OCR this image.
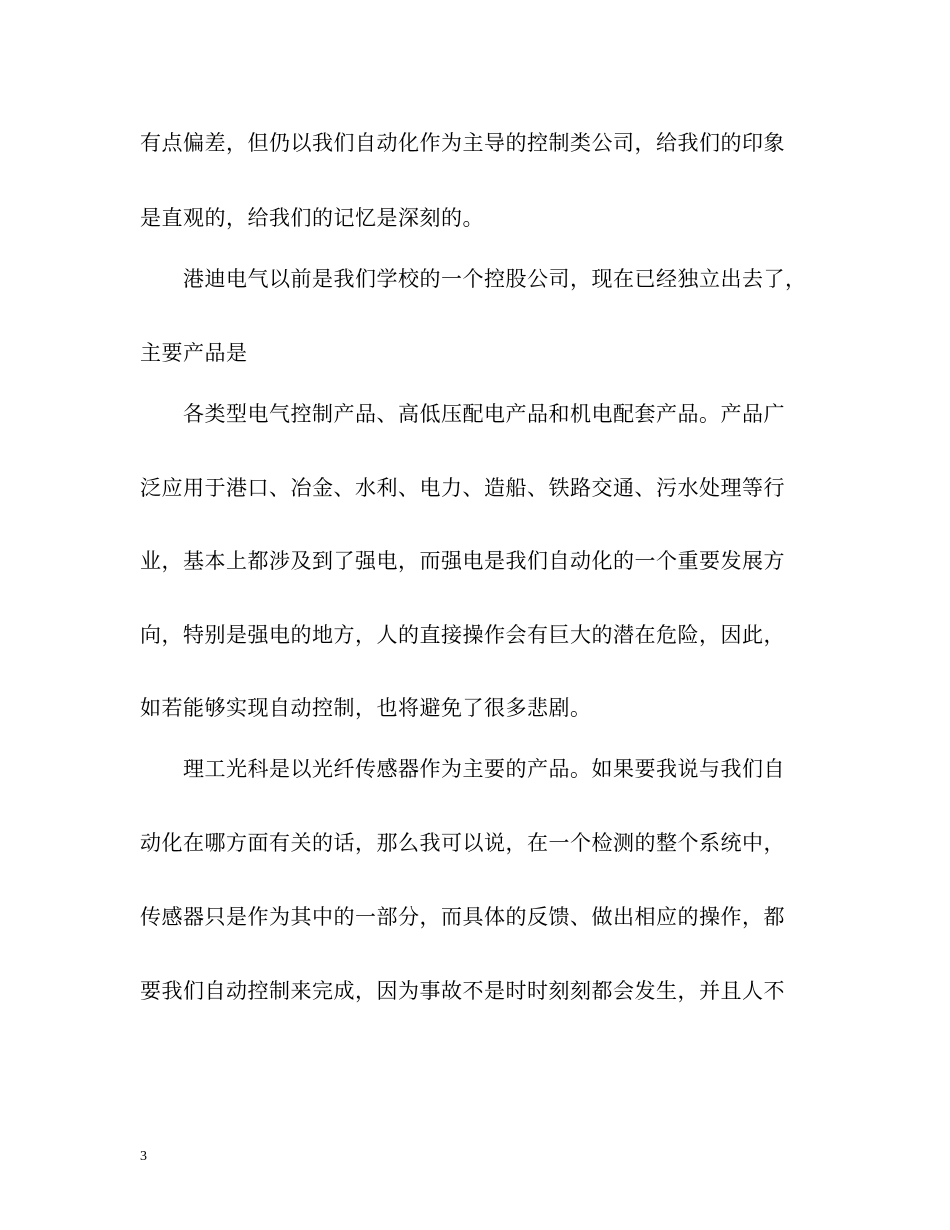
有点偏差，但仍以我们自动化作为主导的控制类公司，给我们的印象
是直观的，给我们的记忆是深刻的。
港迪电气以前是我们学校的一个控股公司，现在已经独立出去了，
主要产品是
各类型电气控制产品、高低压配电产品和机电配套产品。产品广
泛应用于港口、冶金、水利、电力、造船、铁路交通、污水处理等行
业，基本上都涉及到了强电，而强电是我们自动化的一个重要发展方
向，特别是强电的地方，人的直接操作会有巨大的潜在危险，因此，
如若能够实现自动控制，也将避免了很多悲剧。
理工光科是以光纤传感器作为主要的产品。如果要我说与我们自
动化在哪方面有关的话，那么我可以说，在一个检测的整个系统中，
传感器只是作为其中的一部分，而具体的反馈、做出相应的操作，都
要我们自动控制来完成，因为事故不是时时刻刻都会发生，并且人不
3
